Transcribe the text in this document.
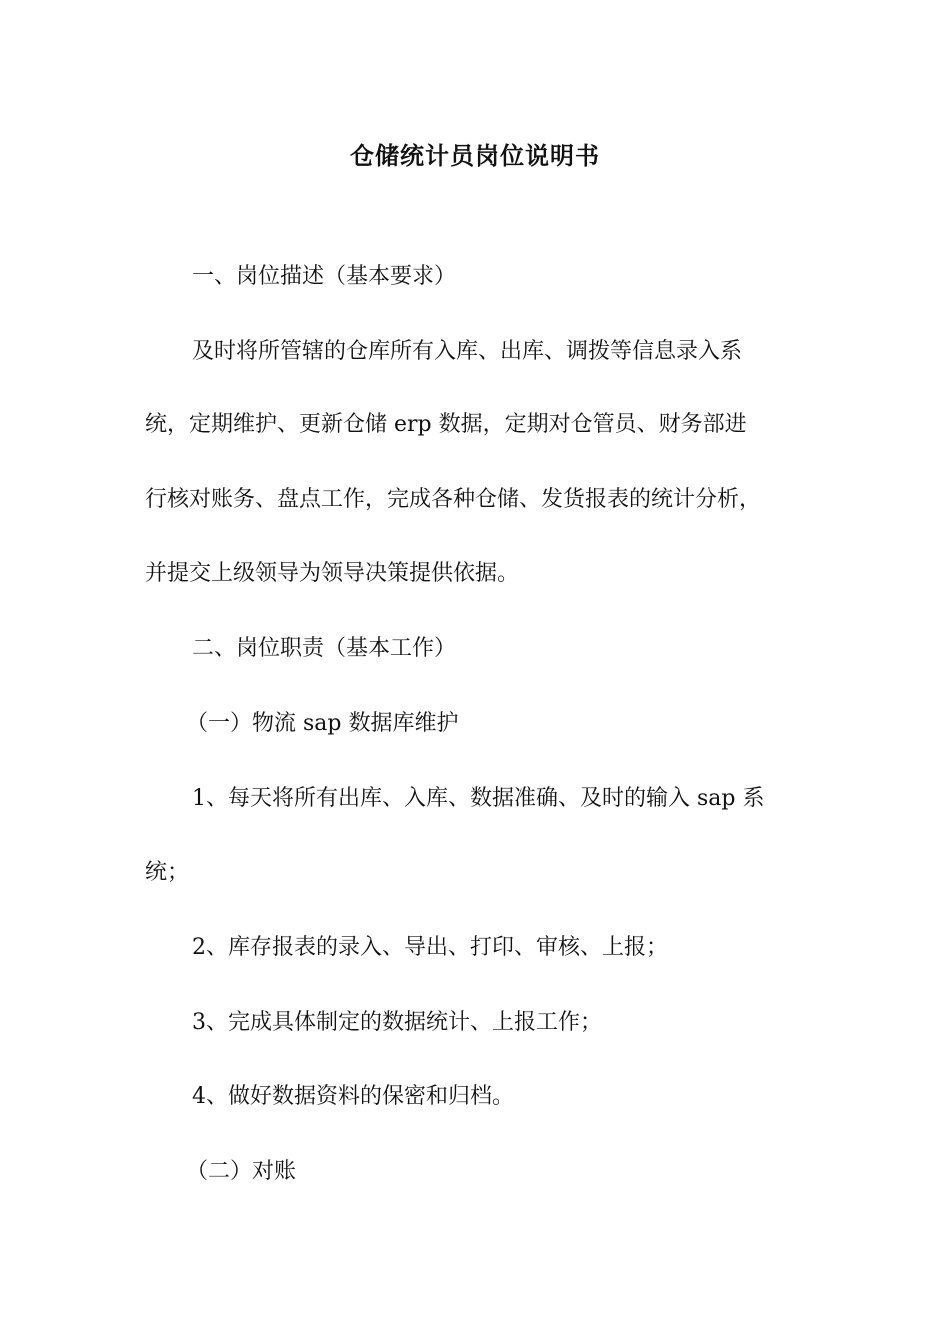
仓储统计员岗位说明书
一、岗位描述（基本要求）
及时将所管辖的仓库所有入库、出库、调拨等信息录入系
统，定期维护、更新仓储 erp 数据，定期对仓管员、财务部进
行核对账务、盘点工作，完成各种仓储、发货报表的统计分析，
并提交上级领导为领导决策提供依据。
二、岗位职责（基本工作）
（一）物流 sap 数据库维护
1、每天将所有出库、入库、数据准确、及时的输入 sap 系
统；
2、库存报表的录入、导出、打印、审核、上报；
3、完成具体制定的数据统计、上报工作；
4、做好数据资料的保密和归档。
（二）对账
